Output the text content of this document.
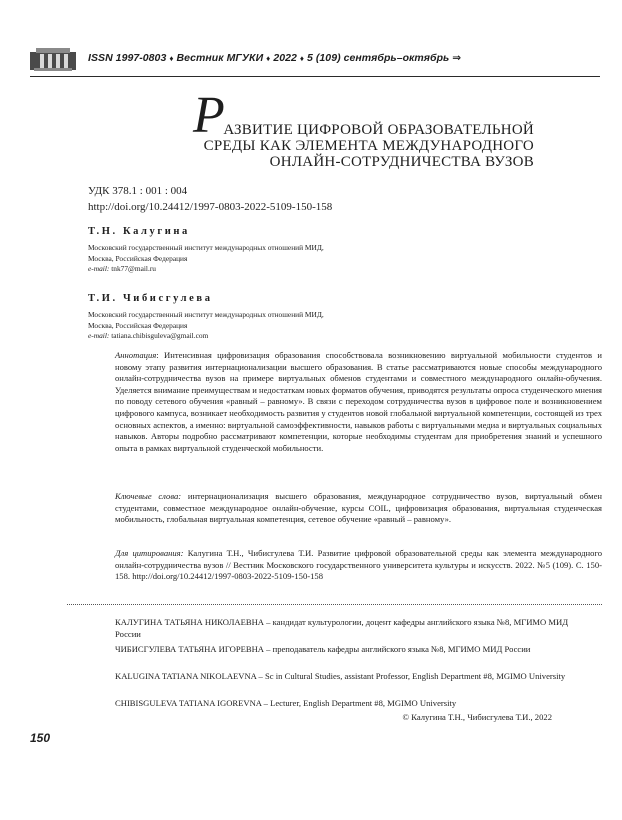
ISSN 1997-0803 ♦ Вестник МГУКИ ♦ 2022 ♦ 5 (109) сентябрь–октябрь ⇒
Р
АЗВИТИЕ ЦИФРОВОЙ ОБРАЗОВАТЕЛЬНОЙ
СРЕДЫ КАК ЭЛЕМЕНТА МЕЖДУНАРОДНОГО
ОНЛАЙН-СОТРУДНИЧЕСТВА ВУЗОВ
УДК 378.1 : 001 : 004
http://doi.org/10.24412/1997-0803-2022-5109-150-158
Т.Н. Калугина
Московский государственный институт международных отношений МИД,
Москва, Российская Федерация
e-mail: tnk77@mail.ru
Т.И. Чибисгулева
Московский государственный институт международных отношений МИД,
Москва, Российская Федерация
e-mail: tatiana.chibisguleva@gmail.com

Аннотация: Интенсивная цифровизация образования способствовала возникновению виртуальной мобильности студентов и новому этапу развития интернационализации высшего образования. В статье рассматриваются новые способы международного онлайн-сотрудничества вузов на примере виртуальных обменов студентами и совместного международного онлайн-обучения. Уделяется внимание преимуществам и недостаткам новых форматов обучения, приводятся результаты опроса студенческого мнения по поводу сетевого обучения «равный – равному». В связи с переходом сотрудничества вузов в цифровое поле и возникновением цифрового кампуса, возникает необходимость развития у студентов новой глобальной виртуальной компетенции, состоящей из трех основных аспектов, а именно: виртуальной самоэффективности, навыков работы с виртуальными медиа и виртуальных социальных навыков. Авторы подробно рассматривают компетенции, которые необходимы студентам для приобретения знаний и успешного опыта в рамках виртуальной студенческой мобильности.

Ключевые слова: интернационализация высшего образования, международное сотрудничество вузов, виртуальный обмен студентами, совместное международное онлайн-обучение, курсы COIL, цифровизация образования, виртуальная студенческая мобильность, глобальная виртуальная компетенция, сетевое обучение «равный – равному».

Для цитирования: Калугина Т.Н., Чибисгулева Т.И. Развитие цифровой образовательной среды как элемента международного онлайн-сотрудничества вузов // Вестник Московского государственного университета культуры и искусств. 2022. №5 (109). С. 150-158. http://doi.org/10.24412/1997-0803-2022-5109-150-158

КАЛУГИНА ТАТЬЯНА НИКОЛАЕВНА – кандидат культурологии, доцент кафедры английского языка №8, МГИМО МИД России

ЧИБИСГУЛЕВА ТАТЬЯНА ИГОРЕВНА – преподаватель кафедры английского языка №8, МГИМО МИД России

KALUGINA TATIANA NIKOLAEVNA – Sc in Cultural Studies, assistant Professor, English Department #8, MGIMO University

CHIBISGULEVA TATIANA IGOREVNA – Lecturer, English Department #8, MGIMO University

© Калугина Т.Н., Чибисгулева Т.И., 2022
150
